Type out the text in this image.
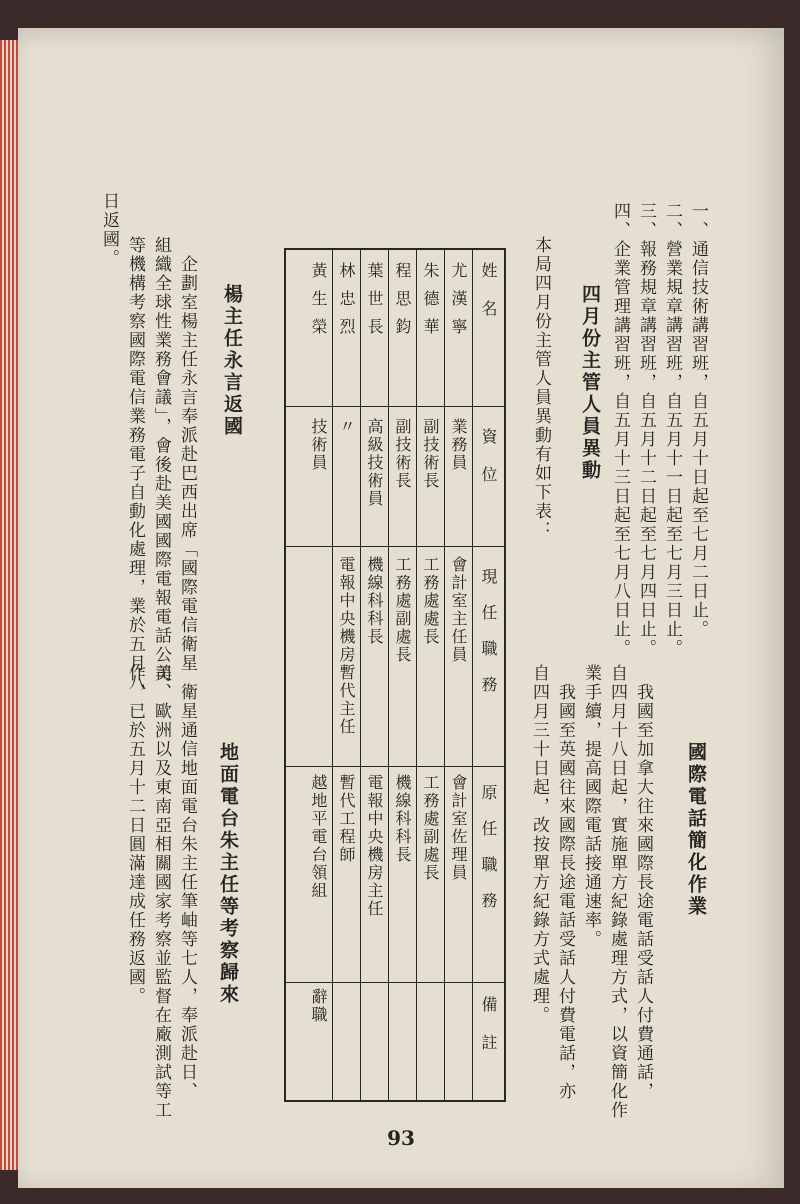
一、通信技術講習班，自五月十日起至七月二日止。
二、營業規章講習班，自五月十一日起至七月三日止。
三、報務規章講習班，自五月十二日起至七月四日止。
四、企業管理講習班，自五月十三日起至七月八日止。
四月份主管人員異動
本局四月份主管人員異動有如下表：
姓名
資位
現任職務
原任職務
備註
尤漢寧
業務員
會計室主任員
會計室佐理員
朱德華
副技術長
工務處處長
工務處副處長
程思鈞
副技術長
工務處副處長
機線科科長
葉世長
高級技術員
機線科科長
電報中央機房主任
林忠烈
〃
電報中央機房暫代主任
暫代工程師
黃生榮
技術員
越地平電台領組
辭職
國際電話簡化作業
　我國至加拿大往來國際長途電話受話人付費通話，
自四月十八日起，實施單方紀錄處理方式，以資簡化作
業手續，提高國際電話接通速率。
　我國至英國往來國際長途電話受話人付費電話，亦
自四月三十日起，改按單方紀錄方式處理。
楊主任永言返國
　企劃室楊主任永言奉派赴巴西出席「國際電信衛星
組織全球性業務會議」，會後赴美國國際電報電話公司
等機構考察國際電信業務電子自動化處理，業於五月八
日返國。
地面電台朱主任等考察歸來
　衛星通信地面電台朱主任筆岫等七人，奉派赴日、
美、歐洲以及東南亞相關國家考察並監督在廠測試等工
作，已於五月十二日圓滿達成任務返國。
93
